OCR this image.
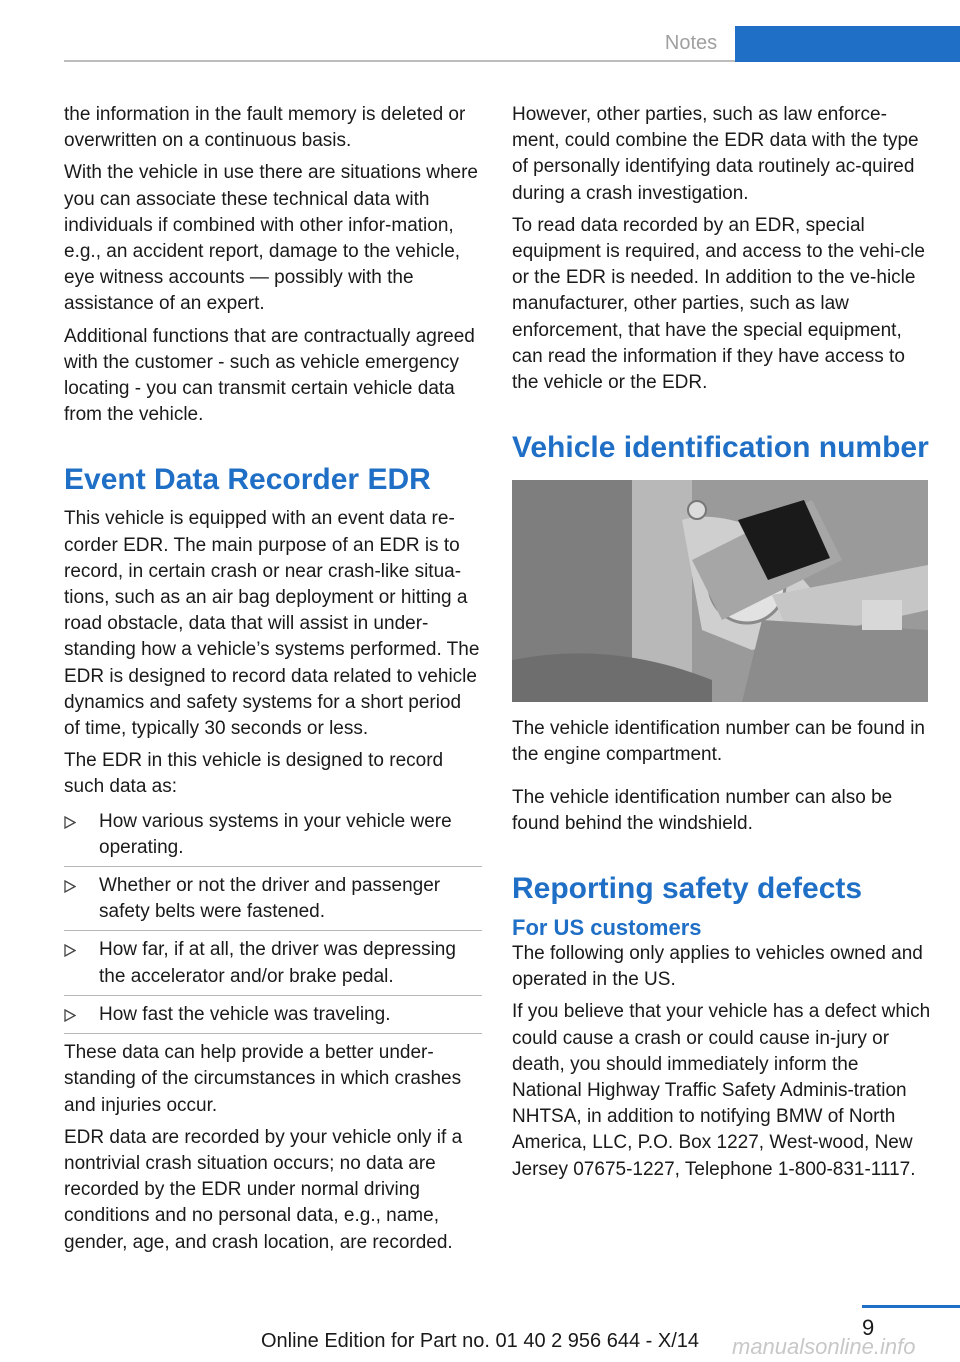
Notes

the information in the fault memory is deleted or overwritten on a continuous basis.

With the vehicle in use there are situations where you can associate these technical data with individuals if combined with other infor‐mation, e.g., an accident report, damage to the vehicle, eye witness accounts — possibly with the assistance of an expert.

Additional functions that are contractually agreed with the customer - such as vehicle emergency locating - you can transmit certain vehicle data from the vehicle.

Event Data Recorder EDR

This vehicle is equipped with an event data re‐corder EDR. The main purpose of an EDR is to record, in certain crash or near crash-like situa‐tions, such as an air bag deployment or hitting a road obstacle, data that will assist in under‐standing how a vehicle’s systems performed. The EDR is designed to record data related to vehicle dynamics and safety systems for a short period of time, typically 30 seconds or less.

The EDR in this vehicle is designed to record such data as:

How various systems in your vehicle were operating.
Whether or not the driver and passenger safety belts were fastened.
How far, if at all, the driver was depressing the accelerator and/or brake pedal.
How fast the vehicle was traveling.

These data can help provide a better under‐standing of the circumstances in which crashes and injuries occur.

EDR data are recorded by your vehicle only if a nontrivial crash situation occurs; no data are recorded by the EDR under normal driving conditions and no personal data, e.g., name, gender, age, and crash location, are recorded.

However, other parties, such as law enforce‐ment, could combine the EDR data with the type of personally identifying data routinely ac‐quired during a crash investigation.

To read data recorded by an EDR, special equipment is required, and access to the vehi‐cle or the EDR is needed. In addition to the ve‐hicle manufacturer, other parties, such as law enforcement, that have the special equipment, can read the information if they have access to the vehicle or the EDR.

Vehicle identification number

The vehicle identification number can be found in the engine compartment.

The vehicle identification number can also be found behind the windshield.

Reporting safety defects
For US customers

The following only applies to vehicles owned and operated in the US.

If you believe that your vehicle has a defect which could cause a crash or could cause in‐jury or death, you should immediately inform the National Highway Traffic Safety Adminis‐tration NHTSA, in addition to notifying BMW of North America, LLC, P.O. Box 1227, West‐wood, New Jersey 07675-1227, Telephone 1-800-831-1117.

9
manualsonline.info
Online Edition for Part no. 01 40 2 956 644 - X/14
